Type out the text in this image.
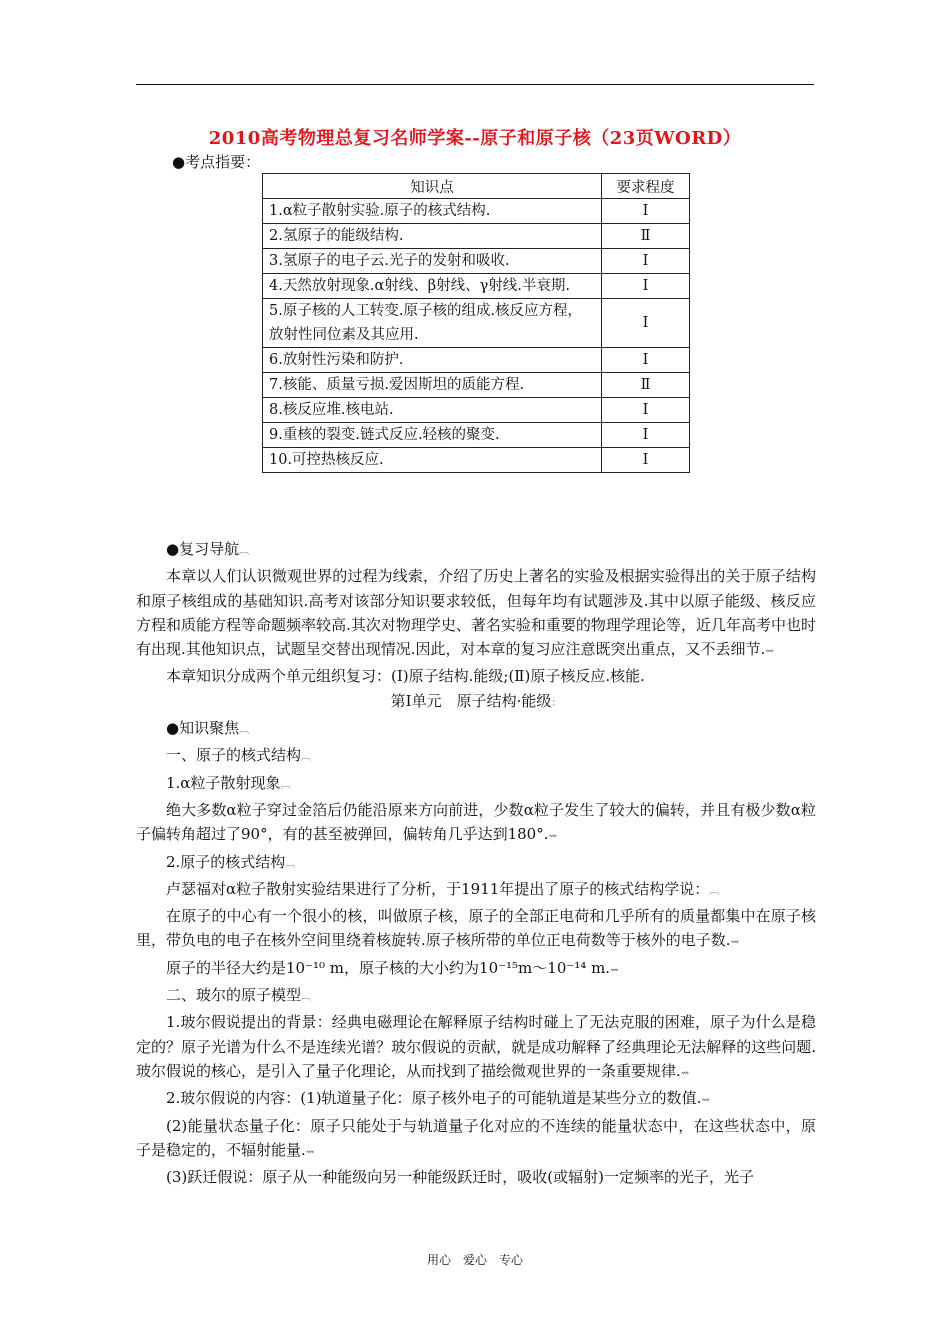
2010高考物理总复习名师学案--原子和原子核（23页WORD）
●考点指要：
知识点	要求程度
1.α粒子散射实验.原子的核式结构.	Ⅰ
2.氢原子的能级结构.	Ⅱ
3.氢原子的电子云.光子的发射和吸收.	Ⅰ
4.天然放射现象.α射线、β射线、γ射线.半衰期.	Ⅰ
5.原子核的人工转变.原子核的组成.核反应方程，放射性同位素及其应用.	Ⅰ
6.放射性污染和防护.	Ⅰ
7.核能、质量亏损.爱因斯坦的质能方程.	Ⅱ
8.核反应堆.核电站.	Ⅰ
9.重核的裂变.链式反应.轻核的聚变.	Ⅰ
10.可控热核反应.	Ⅰ

●复习导航︹

本章以人们认识微观世界的过程为线索，介绍了历史上著名的实验及根据实验得出的关于原子结构和原子核组成的基础知识.高考对该部分知识要求较低，但每年均有试题涉及.其中以原子能级、核反应方程和质能方程等命题频率较高.其次对物理学史、著名实验和重要的物理学理论等，近几年高考中也时有出现.其他知识点，试题呈交替出现情况.因此，对本章的复习应注意既突出重点，又不丢细节.⇝

本章知识分成两个单元组织复习：(Ⅰ)原子结构.能级;(Ⅱ)原子核反应.核能.

第Ⅰ单元　原子结构·能级：

●知识聚焦︹

一、原子的核式结构︹

1.α粒子散射现象︹

绝大多数α粒子穿过金箔后仍能沿原来方向前进，少数α粒子发生了较大的偏转，并且有极少数α粒子偏转角超过了90°，有的甚至被弹回，偏转角几乎达到180°.⇝

2.原子的核式结构︹

卢瑟福对α粒子散射实验结果进行了分析，于1911年提出了原子的核式结构学说：︹

在原子的中心有一个很小的核，叫做原子核，原子的全部正电荷和几乎所有的质量都集中在原子核里，带负电的电子在核外空间里绕着核旋转.原子核所带的单位正电荷数等于核外的电子数.⇝

原子的半径大约是10⁻¹⁰ m，原子核的大小约为10⁻¹⁵m～10⁻¹⁴ m.⇝

二、玻尔的原子模型︹

1.玻尔假说提出的背景：经典电磁理论在解释原子结构时碰上了无法克服的困难，原子为什么是稳定的？原子光谱为什么不是连续光谱？玻尔假说的贡献，就是成功解释了经典理论无法解释的这些问题.玻尔假说的核心，是引入了量子化理论，从而找到了描绘微观世界的一条重要规律.⇝

2.玻尔假说的内容：(1)轨道量子化：原子核外电子的可能轨道是某些分立的数值.⇝

(2)能量状态量子化：原子只能处于与轨道量子化对应的不连续的能量状态中，在这些状态中，原子是稳定的，不辐射能量.⇝

(3)跃迁假说：原子从一种能级向另一种能级跃迁时，吸收(或辐射)一定频率的光子，光子

用心　爱心　专心
